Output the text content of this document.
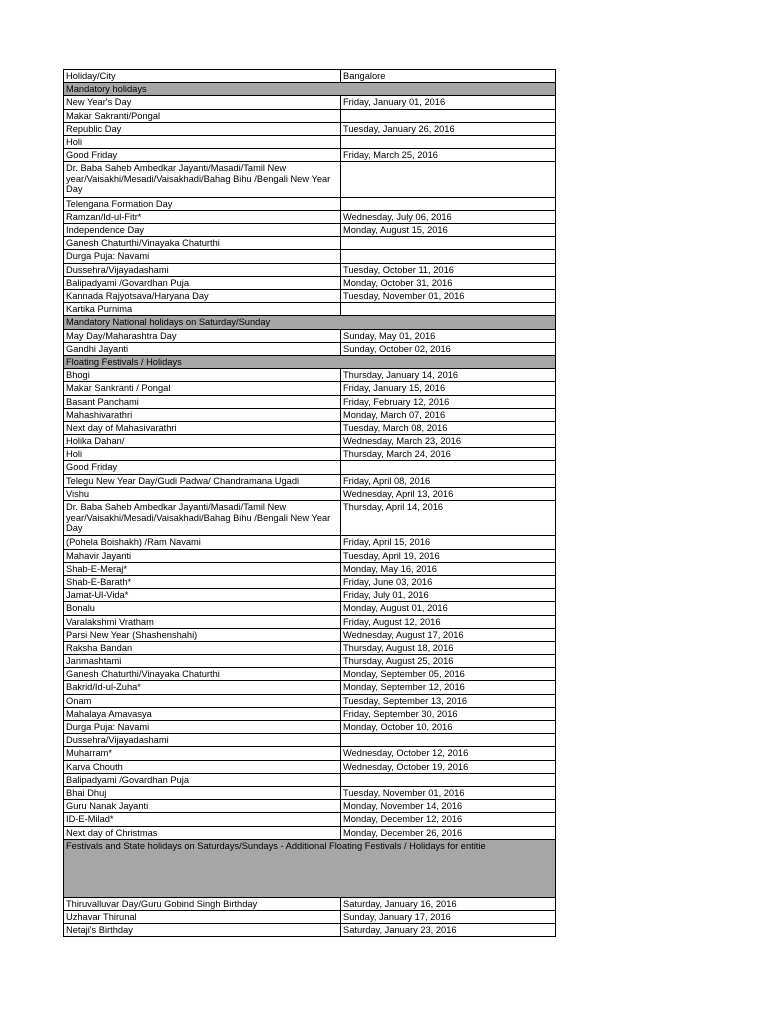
Holiday/City	Bangalore
Mandatory holidays	
New Year's Day	Friday, January 01, 2016
Makar Sakranti/Pongal	
Republic Day	Tuesday, January 26, 2016
Holi	
Good Friday	Friday, March 25, 2016
Dr. Baba Saheb Ambedkar Jayanti/Masadi/Tamil New year/Vaisakhi/Mesadi/Vaisakhadi/Bahag Bihu /Bengali New Year Day	
Telengana Formation Day	
Ramzan/Id-ul-Fitr*	Wednesday, July 06, 2016
Independence Day	Monday, August 15, 2016
Ganesh Chaturthi/Vinayaka Chaturthi	
Durga Puja: Navami	
Dussehra/Vijayadashami	Tuesday, October 11, 2016
Balipadyami /Govardhan Puja	Monday, October 31, 2016
Kannada Rajyotsava/Haryana Day	Tuesday, November 01, 2016
Kartika Purnima	
Mandatory National holidays on Saturday/Sunday	
May Day/Maharashtra Day	Sunday, May 01, 2016
Gandhi Jayanti	Sunday, October 02, 2016
Floating Festivals / Holidays	
Bhogi	Thursday, January 14, 2016
Makar Sankranti / Pongal	Friday, January 15, 2016
Basant Panchami	Friday, February 12, 2016
Mahashivarathri	Monday, March 07, 2016
Next day of Mahasivarathri	Tuesday, March 08, 2016
Holika Dahan/	Wednesday, March 23, 2016
Holi	Thursday, March 24, 2016
Good Friday	
Telegu New Year Day/Gudi Padwa/ Chandramana Ugadi	Friday, April 08, 2016
Vishu	Wednesday, April 13, 2016
Dr. Baba Saheb Ambedkar Jayanti/Masadi/Tamil New year/Vaisakhi/Mesadi/Vaisakhadi/Bahag Bihu /Bengali New Year Day	Thursday, April 14, 2016
(Pohela Boishakh) /Ram Navami	Friday, April 15, 2016
Mahavir Jayanti	Tuesday, April 19, 2016
Shab-E-Meraj*	Monday, May 16, 2016
Shab-E-Barath*	Friday, June 03, 2016
Jamat-Ul-Vida*	Friday, July 01, 2016
Bonalu	Monday, August 01, 2016
Varalakshmi Vratham	Friday, August 12, 2016
Parsi New Year (Shashenshahi)	Wednesday, August 17, 2016
Raksha Bandan	Thursday, August 18, 2016
Janmashtami	Thursday, August 25, 2016
Ganesh Chaturthi/Vinayaka Chaturthi	Monday, September 05, 2016
Bakrid/Id-ul-Zuha*	Monday, September 12, 2016
Onam	Tuesday, September 13, 2016
Mahalaya Amavasya	Friday, September 30, 2016
Durga Puja: Navami	Monday, October 10, 2016
Dussehra/Vijayadashami	
Muharram*	Wednesday, October 12, 2016
Karva Chouth	Wednesday, October 19, 2016
Balipadyami /Govardhan Puja	
Bhai Dhuj	Tuesday, November 01, 2016
Guru Nanak Jayanti	Monday, November 14, 2016
ID-E-Milad*	Monday, December 12, 2016
Next day of Christmas	Monday, December 26, 2016
Festivals and State holidays on Saturdays/Sundays - Additional Floating Festivals / Holidays for entitie	
Thiruvalluvar Day/Guru Gobind Singh Birthday	Saturday, January 16, 2016
Uzhavar Thirunal	Sunday, January 17, 2016
Netaji's Birthday	Saturday, January 23, 2016
